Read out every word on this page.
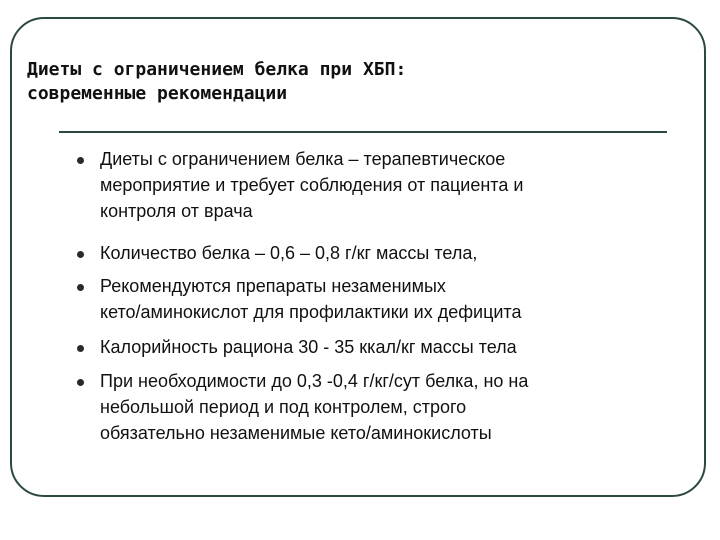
Диеты с ограничением белка при ХБП:
современные рекомендации
Диеты с ограничением белка – терапевтическое
мероприятие и требует соблюдения от пациента и
контроля от врача
Количество белка – 0,6 – 0,8 г/кг массы тела,
Рекомендуются препараты незаменимых
кето/аминокислот для профилактики их дефицита
Калорийность рациона 30 - 35 ккал/кг массы тела
При необходимости до 0,3 -0,4 г/кг/сут белка, но на
небольшой период и под контролем, строго
обязательно незаменимые кето/аминокислоты
